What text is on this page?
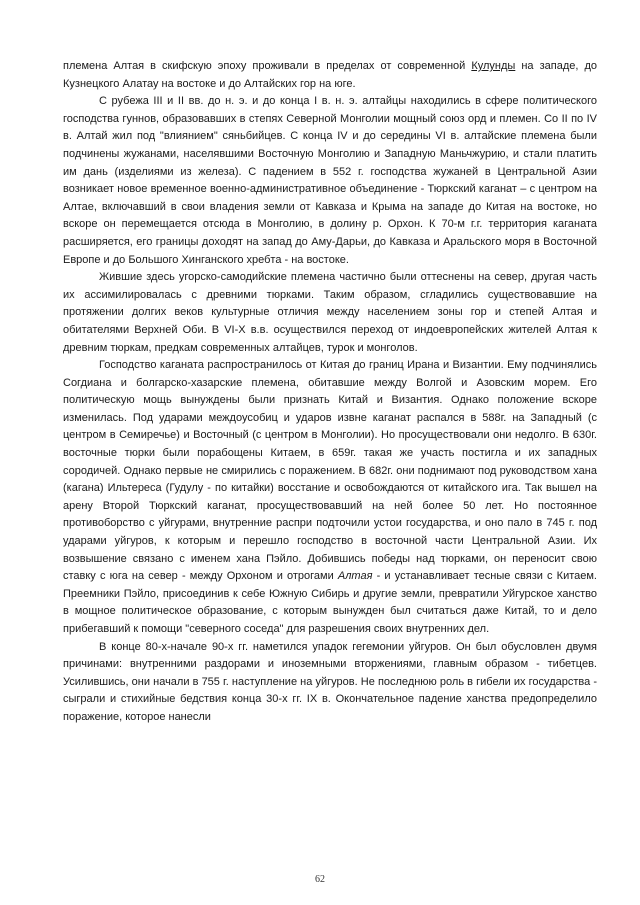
племена Алтая в скифскую эпоху проживали в пределах от современной Кулунды на западе, до Кузнецкого Алатау на востоке и до Алтайских гор на юге.

С рубежа III и II вв. до н. э. и до конца I в. н. э. алтайцы находились в сфере политического господства гуннов, образовавших в степях Северной Монголии мощный союз орд и племен. Со II по IV в. Алтай жил под "влиянием" сяньбийцев. С конца IV и до середины VI в. алтайские племена были подчинены жужанами, населявшими Восточную Монголию и Западную Маньчжурию, и стали платить им дань (изделиями из железа). С падением в 552 г. господства жужаней в Центральной Азии возникает новое временное военно-административное объединение - Тюркский каганат – с центром на Алтае, включавший в свои владения земли от Кавказа и Крыма на западе до Китая на востоке, но вскоре он перемещается отсюда в Монголию, в долину р. Орхон. К 70-м г.г. территория каганата расширяется, его границы доходят на запад до Аму-Дарьи, до Кавказа и Аральского моря в Восточной Европе и до Большого Хинганского хребта - на востоке.

Жившие здесь угорско-самодийские племена частично были оттеснены на север, другая часть их ассимилировалась с древними тюрками. Таким образом, сгладились существовавшие на протяжении долгих веков культурные отличия между населением зоны гор и степей Алтая и обитателями Верхней Оби. В VI-X в.в. осуществился переход от индоевропейских жителей Алтая к древним тюркам, предкам современных алтайцев, турок и монголов.

Господство каганата распространилось от Китая до границ Ирана и Византии. Ему подчинялись Согдиана и болгарско-хазарские племена, обитавшие между Волгой и Азовским морем. Его политическую мощь вынуждены были признать Китай и Византия. Однако положение вскоре изменилась. Под ударами междоусобиц и ударов извне каганат распался в 588г. на Западный (с центром в Семиречье) и Восточный (с центром в Монголии). Но просуществовали они недолго. В 630г. восточные тюрки были порабощены Китаем, в 659г. такая же участь постигла и их западных сородичей. Однако первые не смирились с поражением. В 682г. они поднимают под руководством хана (кагана) Ильтереса (Гудулу - по китайки) восстание и освобождаются от китайского ига. Так вышел на арену Второй Тюркский каганат, просуществовавший на ней более 50 лет. Но постоянное противоборство с уйгурами, внутренние распри подточили устои государства, и оно пало в 745 г. под ударами уйгуров, к которым и перешло господство в восточной части Центральной Азии. Их возвышение связано с именем хана Пэйло. Добившись победы над тюрками, он переносит свою ставку с юга на север - между Орхоном и отрогами Алтая - и устанавливает тесные связи с Китаем. Преемники Пэйло, присоединив к себе Южную Сибирь и другие земли, превратили Уйгурское ханство в мощное политическое образование, с которым вынужден был считаться даже Китай, то и дело прибегавший к помощи "северного соседа" для разрешения своих внутренних дел.

В конце 80-х-начале 90-х гг. наметился упадок гегемонии уйгуров. Он был обусловлен двумя причинами: внутренними раздорами и иноземными вторжениями, главным образом - тибетцев. Усилившись, они начали в 755 г. наступление на уйгуров. Не последнюю роль в гибели их государства - сыграли и стихийные бедствия конца 30-х гг. IX в. Окончательное падение ханства предопределило поражение, которое нанесли

62
